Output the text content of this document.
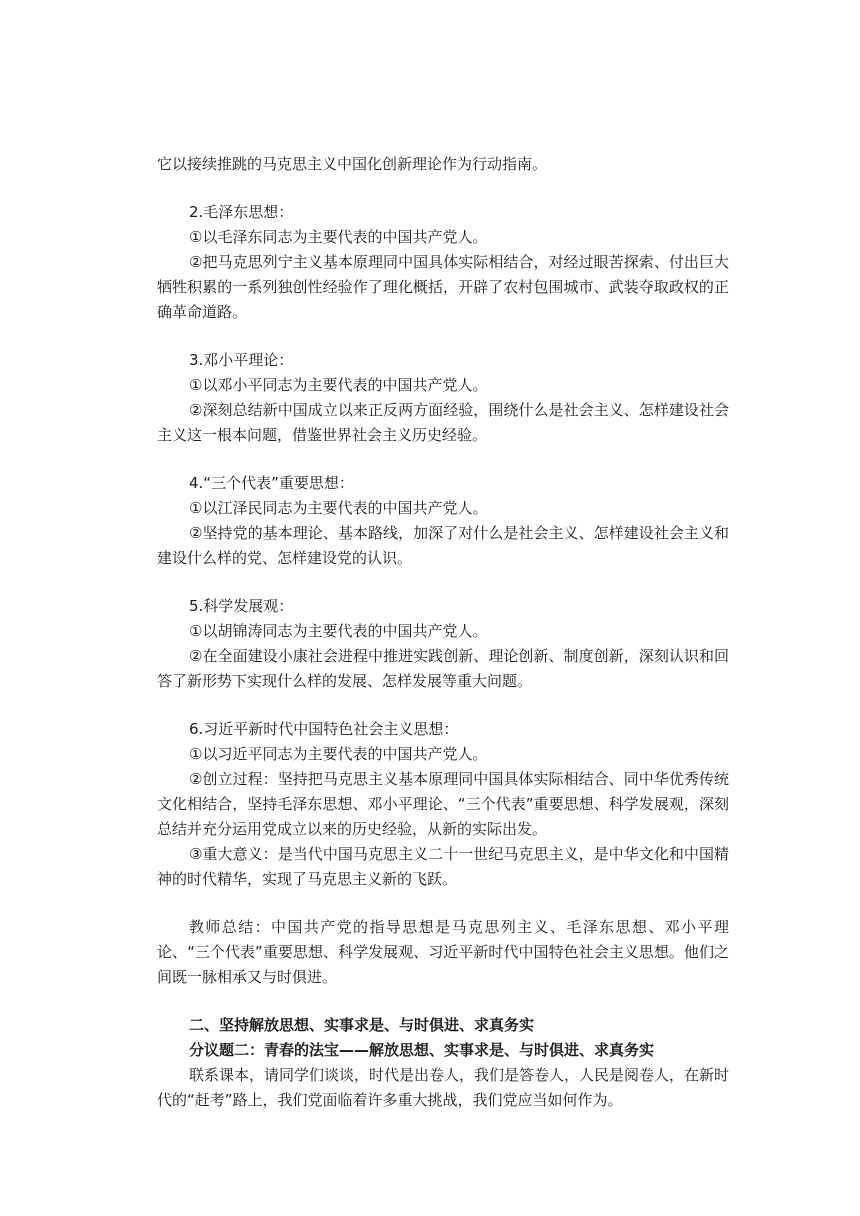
它以接续推跳的马克思主义中国化创新理论作为行动指南。

2.毛泽东思想：

①以毛泽东同志为主要代表的中国共产党人。

②把马克思列宁主义基本原理同中国具体实际相结合，对经过眼苦探索、付出巨大牺牲积累的一系列独创性经验作了理化概括，开辟了农村包围城市、武装夺取政权的正确革命道路。

3.邓小平理论：

①以邓小平同志为主要代表的中国共产党人。

②深刻总结新中国成立以来正反两方面经验，围绕什么是社会主义、怎样建设社会主义这一根本问题，借鉴世界社会主义历史经验。

4.“三个代表”重要思想：

①以江泽民同志为主要代表的中国共产党人。

②坚持党的基本理论、基本路线，加深了对什么是社会主义、怎样建设社会主义和建设什么样的党、怎样建设党的认识。

5.科学发展观：

①以胡锦涛同志为主要代表的中国共产党人。

②在全面建设小康社会进程中推进实践创新、理论创新、制度创新，深刻认识和回答了新形势下实现什么样的发展、怎样发展等重大问题。

6.习近平新时代中国特色社会主义思想：

①以习近平同志为主要代表的中国共产党人。

②创立过程：坚持把马克思主义基本原理同中国具体实际相结合、同中华优秀传统文化相结合，坚持毛泽东思想、邓小平理论、“三个代表”重要思想、科学发展观，深刻总结并充分运用党成立以来的历史经验，从新的实际出发。

③重大意义：是当代中国马克思主义二十一世纪马克思主义，是中华文化和中国精神的时代精华，实现了马克思主义新的飞跃。

教师总结：中国共产党的指导思想是马克思列主义、毛泽东思想、邓小平理论、“三个代表”重要思想、科学发展观、习近平新时代中国特色社会主义思想。他们之间既一脉相承又与时俱进。

二、坚持解放思想、实事求是、与时俱进、求真务实

分议题二：青春的法宝——解放思想、实事求是、与时俱进、求真务实

联系课本，请同学们谈谈，时代是出卷人，我们是答卷人，人民是阅卷人，在新时代的“赶考”路上，我们党面临着许多重大挑战，我们党应当如何作为。
